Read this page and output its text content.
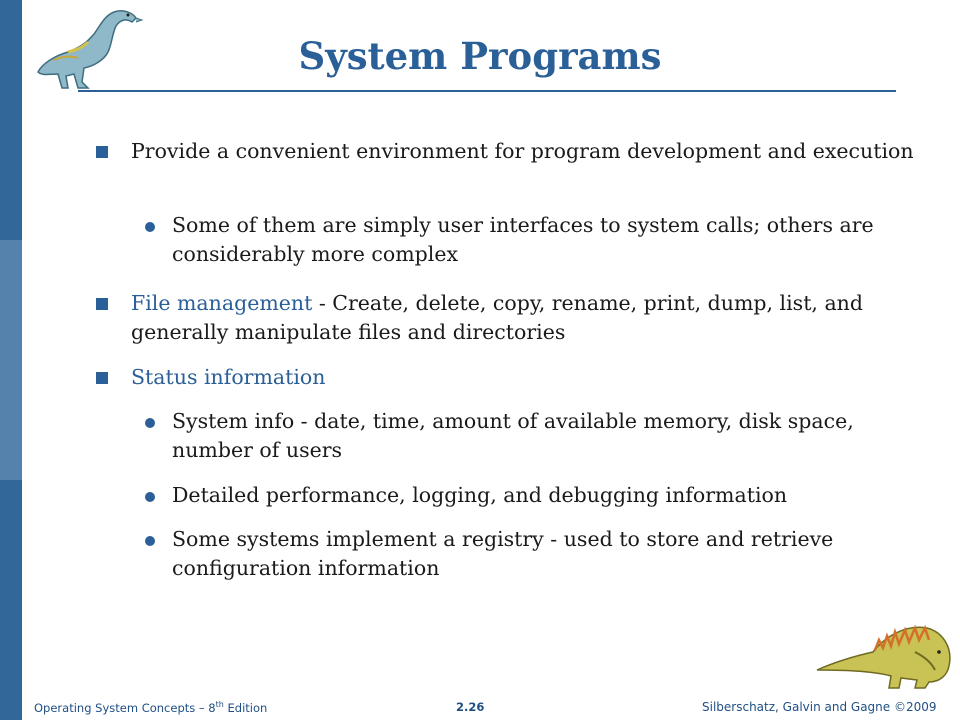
System Programs
Provide a convenient environment for program development and execution
Some of them are simply user interfaces to system calls; others are considerably more complex
File management - Create, delete, copy, rename, print, dump, list, and generally manipulate files and directories
Status information
System info - date, time, amount of available memory, disk space, number of users
Detailed performance, logging, and debugging information
Some systems implement a registry - used to store and retrieve configuration information
Operating System Concepts – 8th Edition	2.26	Silberschatz, Galvin and Gagne ©2009
